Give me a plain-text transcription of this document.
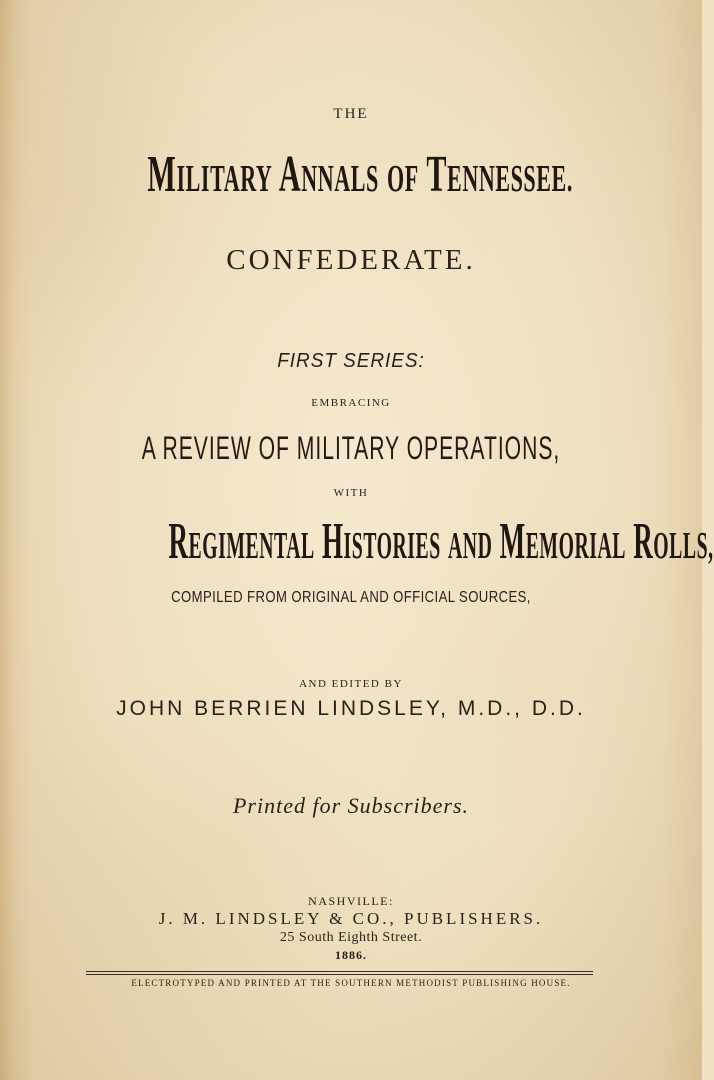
THE
MILITARY ANNALS OF TENNESSEE.
CONFEDERATE.
FIRST SERIES:
EMBRACING
A REVIEW OF MILITARY OPERATIONS,
WITH
REGIMENTAL HISTORIES AND MEMORIAL ROLLS,
COMPILED FROM ORIGINAL AND OFFICIAL SOURCES,
AND EDITED BY
JOHN BERRIEN LINDSLEY, M.D., D.D.
Printed for Subscribers.
NASHVILLE:
J. M. LINDSLEY & CO., PUBLISHERS.
25 South Eighth Street.
1886.
ELECTROTYPED AND PRINTED AT THE SOUTHERN METHODIST PUBLISHING HOUSE.
